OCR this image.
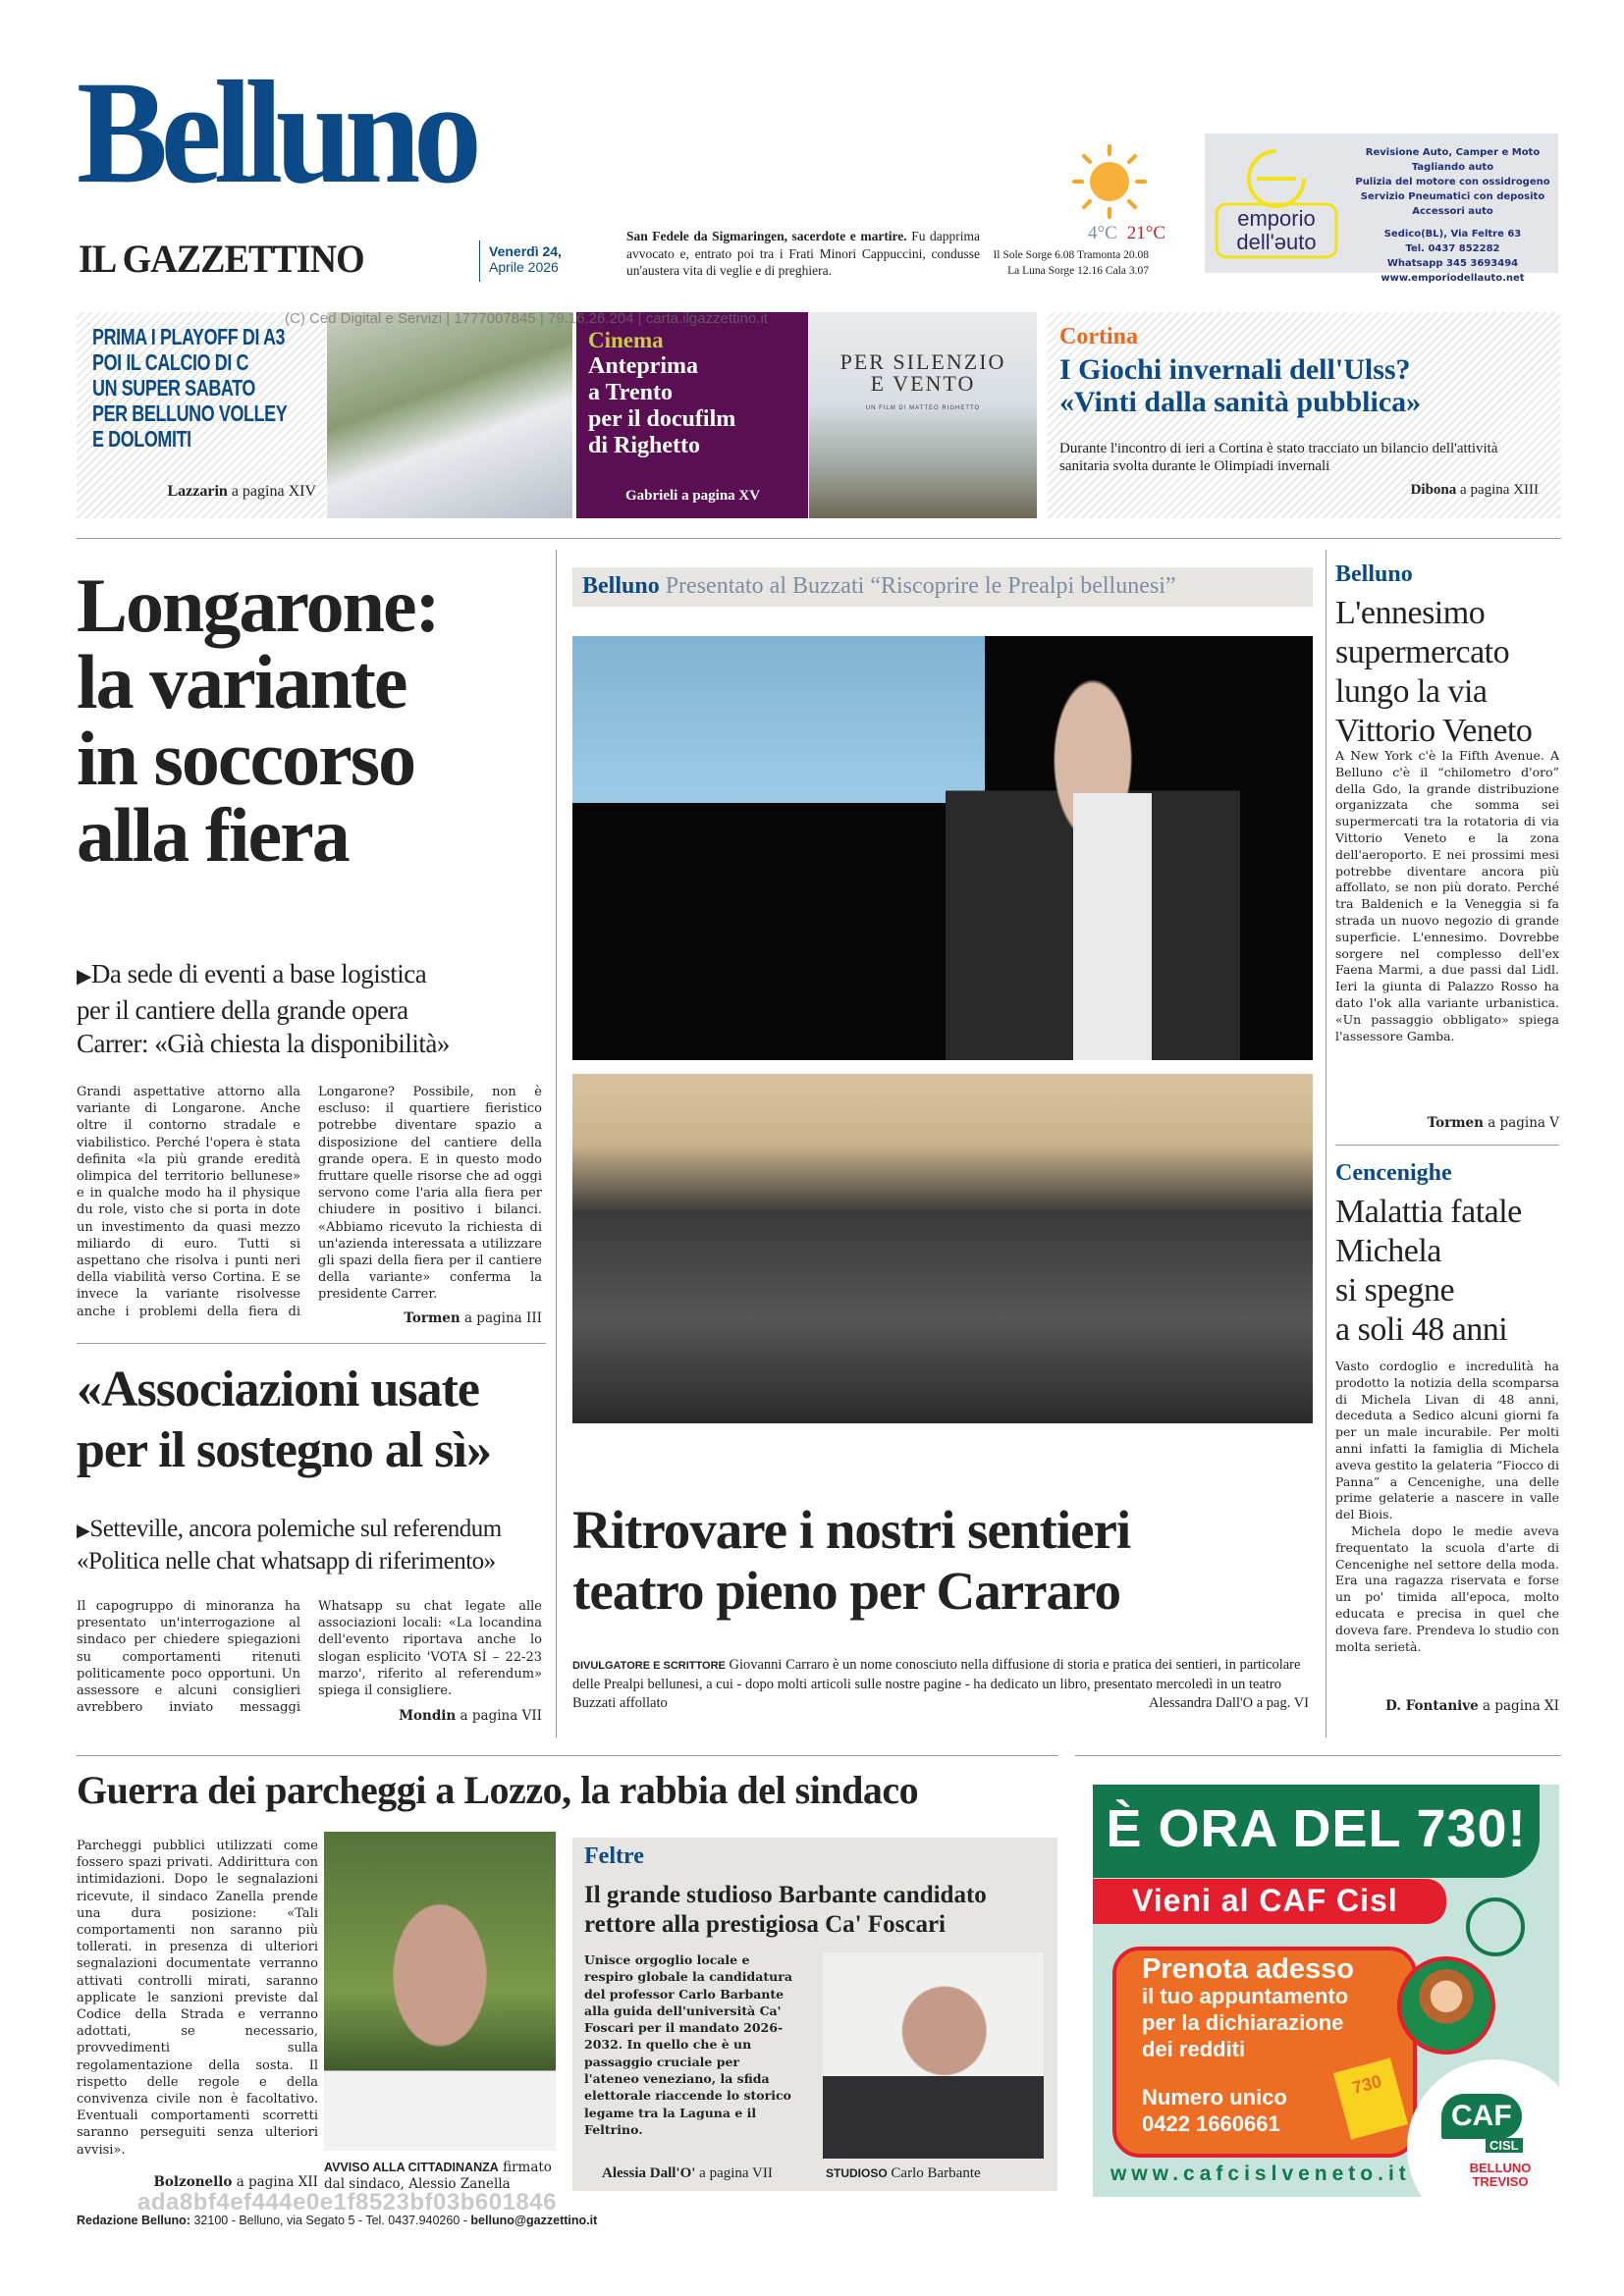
Belluno
IL GAZZETTINO	Venerdì 24,
Aprile 2026
San Fedele da Sigmaringen, sacerdote e martire. Fu dapprima avvocato e, entrato poi tra i Frati Minori Cappuccini, condusse un'austera vita di veglie e di preghiera.
4°C 21°C
Il Sole Sorge 6.08 Tramonta 20.08
La Luna Sorge 12.16 Cala 3.07
emporio
dell'əuto
Revisione Auto, Camper e Moto
Tagliando auto
Pulizia del motore con ossidrogeno
Servizio Pneumatici con deposito
Accessori auto
Sedico(BL), Via Feltre 63
Tel. 0437 852282
Whatsapp 345 3693494
www.emporiodellauto.net
PRIMA I PLAYOFF DI A3
POI IL CALCIO DI C
UN SUPER SABATO
PER BELLUNO VOLLEY
E DOLOMITI
Lazzarin a pagina XIV
Cinema
Anteprima
a Trento
per il docufilm
di Righetto
Gabrieli a pagina XV
PER SILENZIO
E VENTO
UN FILM DI MATTEO RIGHETTO
Cortina
I Giochi invernali dell'Ulss?
«Vinti dalla sanità pubblica»
Durante l'incontro di ieri a Cortina è stato tracciato un bilancio dell'attività sanitaria svolta durante le Olimpiadi invernali
Dibona a pagina XIII
(C) Ced Digital e Servizi | 1777007845 | 79.16.26.204 | carta.ilgazzettino.it
Longarone:
la variante
in soccorso
alla fiera
▶Da sede di eventi a base logistica
per il cantiere della grande opera
Carrer: «Già chiesta la disponibilità»
Grandi aspettative attorno alla variante di Longarone. Anche oltre il contorno stradale e viabilistico. Perché l'opera è stata definita «la più grande eredità olimpica del territorio bellunese» e in qualche modo ha il physique du role, visto che si porta in dote un investimento da quasi mezzo miliardo di euro. Tutti si aspettano che risolva i punti neri della viabilità verso Cortina. E se invece la variante risolvesse anche i problemi della fiera di Longarone? Possibile, non è escluso: il quartiere fieristico potrebbe diventare spazio a disposizione del cantiere della grande opera. E in questo modo fruttare quelle risorse che ad oggi servono come l'aria alla fiera per chiudere in positivo i bilanci. «Abbiamo ricevuto la richiesta di un'azienda interessata a utilizzare gli spazi della fiera per il cantiere della variante» conferma la presidente Carrer.
Tormen a pagina III
«Associazioni usate
per il sostegno al sì»
▶Setteville, ancora polemiche sul referendum
«Politica nelle chat whatsapp di riferimento»
Il capogruppo di minoranza ha presentato un'interrogazione al sindaco per chiedere spiegazioni su comportamenti ritenuti politicamente poco opportuni. Un assessore e alcuni consiglieri avrebbero inviato messaggi Whatsapp su chat legate alle associazioni locali: «La locandina dell'evento riportava anche lo slogan esplicito 'VOTA SÌ – 22-23 marzo', riferito al referendum» spiega il consigliere.
Mondin a pagina VII
Belluno Presentato al Buzzati “Riscoprire le Prealpi bellunesi”
Ritrovare i nostri sentieri
teatro pieno per Carraro
DIVULGATORE E SCRITTORE Giovanni Carraro è un nome conosciuto nella diffusione di storia e pratica dei sentieri, in particolare delle Prealpi bellunesi, a cui - dopo molti articoli sulle nostre pagine - ha dedicato un libro, presentato mercoledì in un teatro Buzzati affollato	Alessandra Dall'O a pag. VI
Belluno
L'ennesimo
supermercato
lungo la via
Vittorio Veneto
A New York c'è la Fifth Avenue. A Belluno c'è il “chilometro d'oro” della Gdo, la grande distribuzione organizzata che somma sei supermercati tra la rotatoria di via Vittorio Veneto e la zona dell'aeroporto. E nei prossimi mesi potrebbe diventare ancora più affollato, se non più dorato. Perché tra Baldenich e la Veneggia si fa strada un nuovo negozio di grande superficie. L'ennesimo. Dovrebbe sorgere nel complesso dell'ex Faena Marmi, a due passi dal Lidl. Ieri la giunta di Palazzo Rosso ha dato l'ok alla variante urbanistica. «Un passaggio obbligato» spiega l'assessore Gamba.
Tormen a pagina V
Cencenighe
Malattia fatale
Michela
si spegne
a soli 48 anni
Vasto cordoglio e incredulità ha prodotto la notizia della scomparsa di Michela Livan di 48 anni, deceduta a Sedico alcuni giorni fa per un male incurabile. Per molti anni infatti la famiglia di Michela aveva gestito la gelateria “Fiocco di Panna” a Cencenighe, una delle prime gelaterie a nascere in valle del Biois.
Michela dopo le medie aveva frequentato la scuola d'arte di Cencenighe nel settore della moda. Era una ragazza riservata e forse un po' timida all'epoca, molto educata e precisa in quel che doveva fare. Prendeva lo studio con molta serietà.
D. Fontanive a pagina XI
Guerra dei parcheggi a Lozzo, la rabbia del sindaco
Parcheggi pubblici utilizzati come fossero spazi privati. Addirittura con intimidazioni. Dopo le segnalazioni ricevute, il sindaco Zanella prende una dura posizione: «Tali comportamenti non saranno più tollerati. in presenza di ulteriori segnalazioni documentate verranno attivati controlli mirati, saranno applicate le sanzioni previste dal Codice della Strada e verranno adottati, se necessario, provvedimenti sulla regolamentazione della sosta. Il rispetto delle regole e della convivenza civile non è facoltativo. Eventuali comportamenti scorretti saranno perseguiti senza ulteriori avvisi».
AVVISO ALLA CITTADINANZA firmato dal sindaco, Alessio Zanella
Bolzonello a pagina XII
Feltre
Il grande studioso Barbante candidato
rettore alla prestigiosa Ca' Foscari
Unisce orgoglio locale e respiro globale la candidatura del professor Carlo Barbante alla guida dell'università Ca' Foscari per il mandato 2026-2032. In quello che è un passaggio cruciale per l'ateneo veneziano, la sfida elettorale riaccende lo storico legame tra la Laguna e il Feltrino.
Alessia Dall'O' a pagina VII	STUDIOSO Carlo Barbante
È ORA DEL 730!
Vieni al CAF Cisl
Prenota adesso
il tuo appuntamento
per la dichiarazione
dei redditi
Numero unico
0422 1660661
730
www.cafcislveneto.it
CAF
CISL
BELLUNO
TREVISO
ada8bf4ef444e0e1f8523bf03b601846
Redazione Belluno: 32100 - Belluno, via Segato 5 - Tel. 0437.940260 - belluno@gazzettino.it
